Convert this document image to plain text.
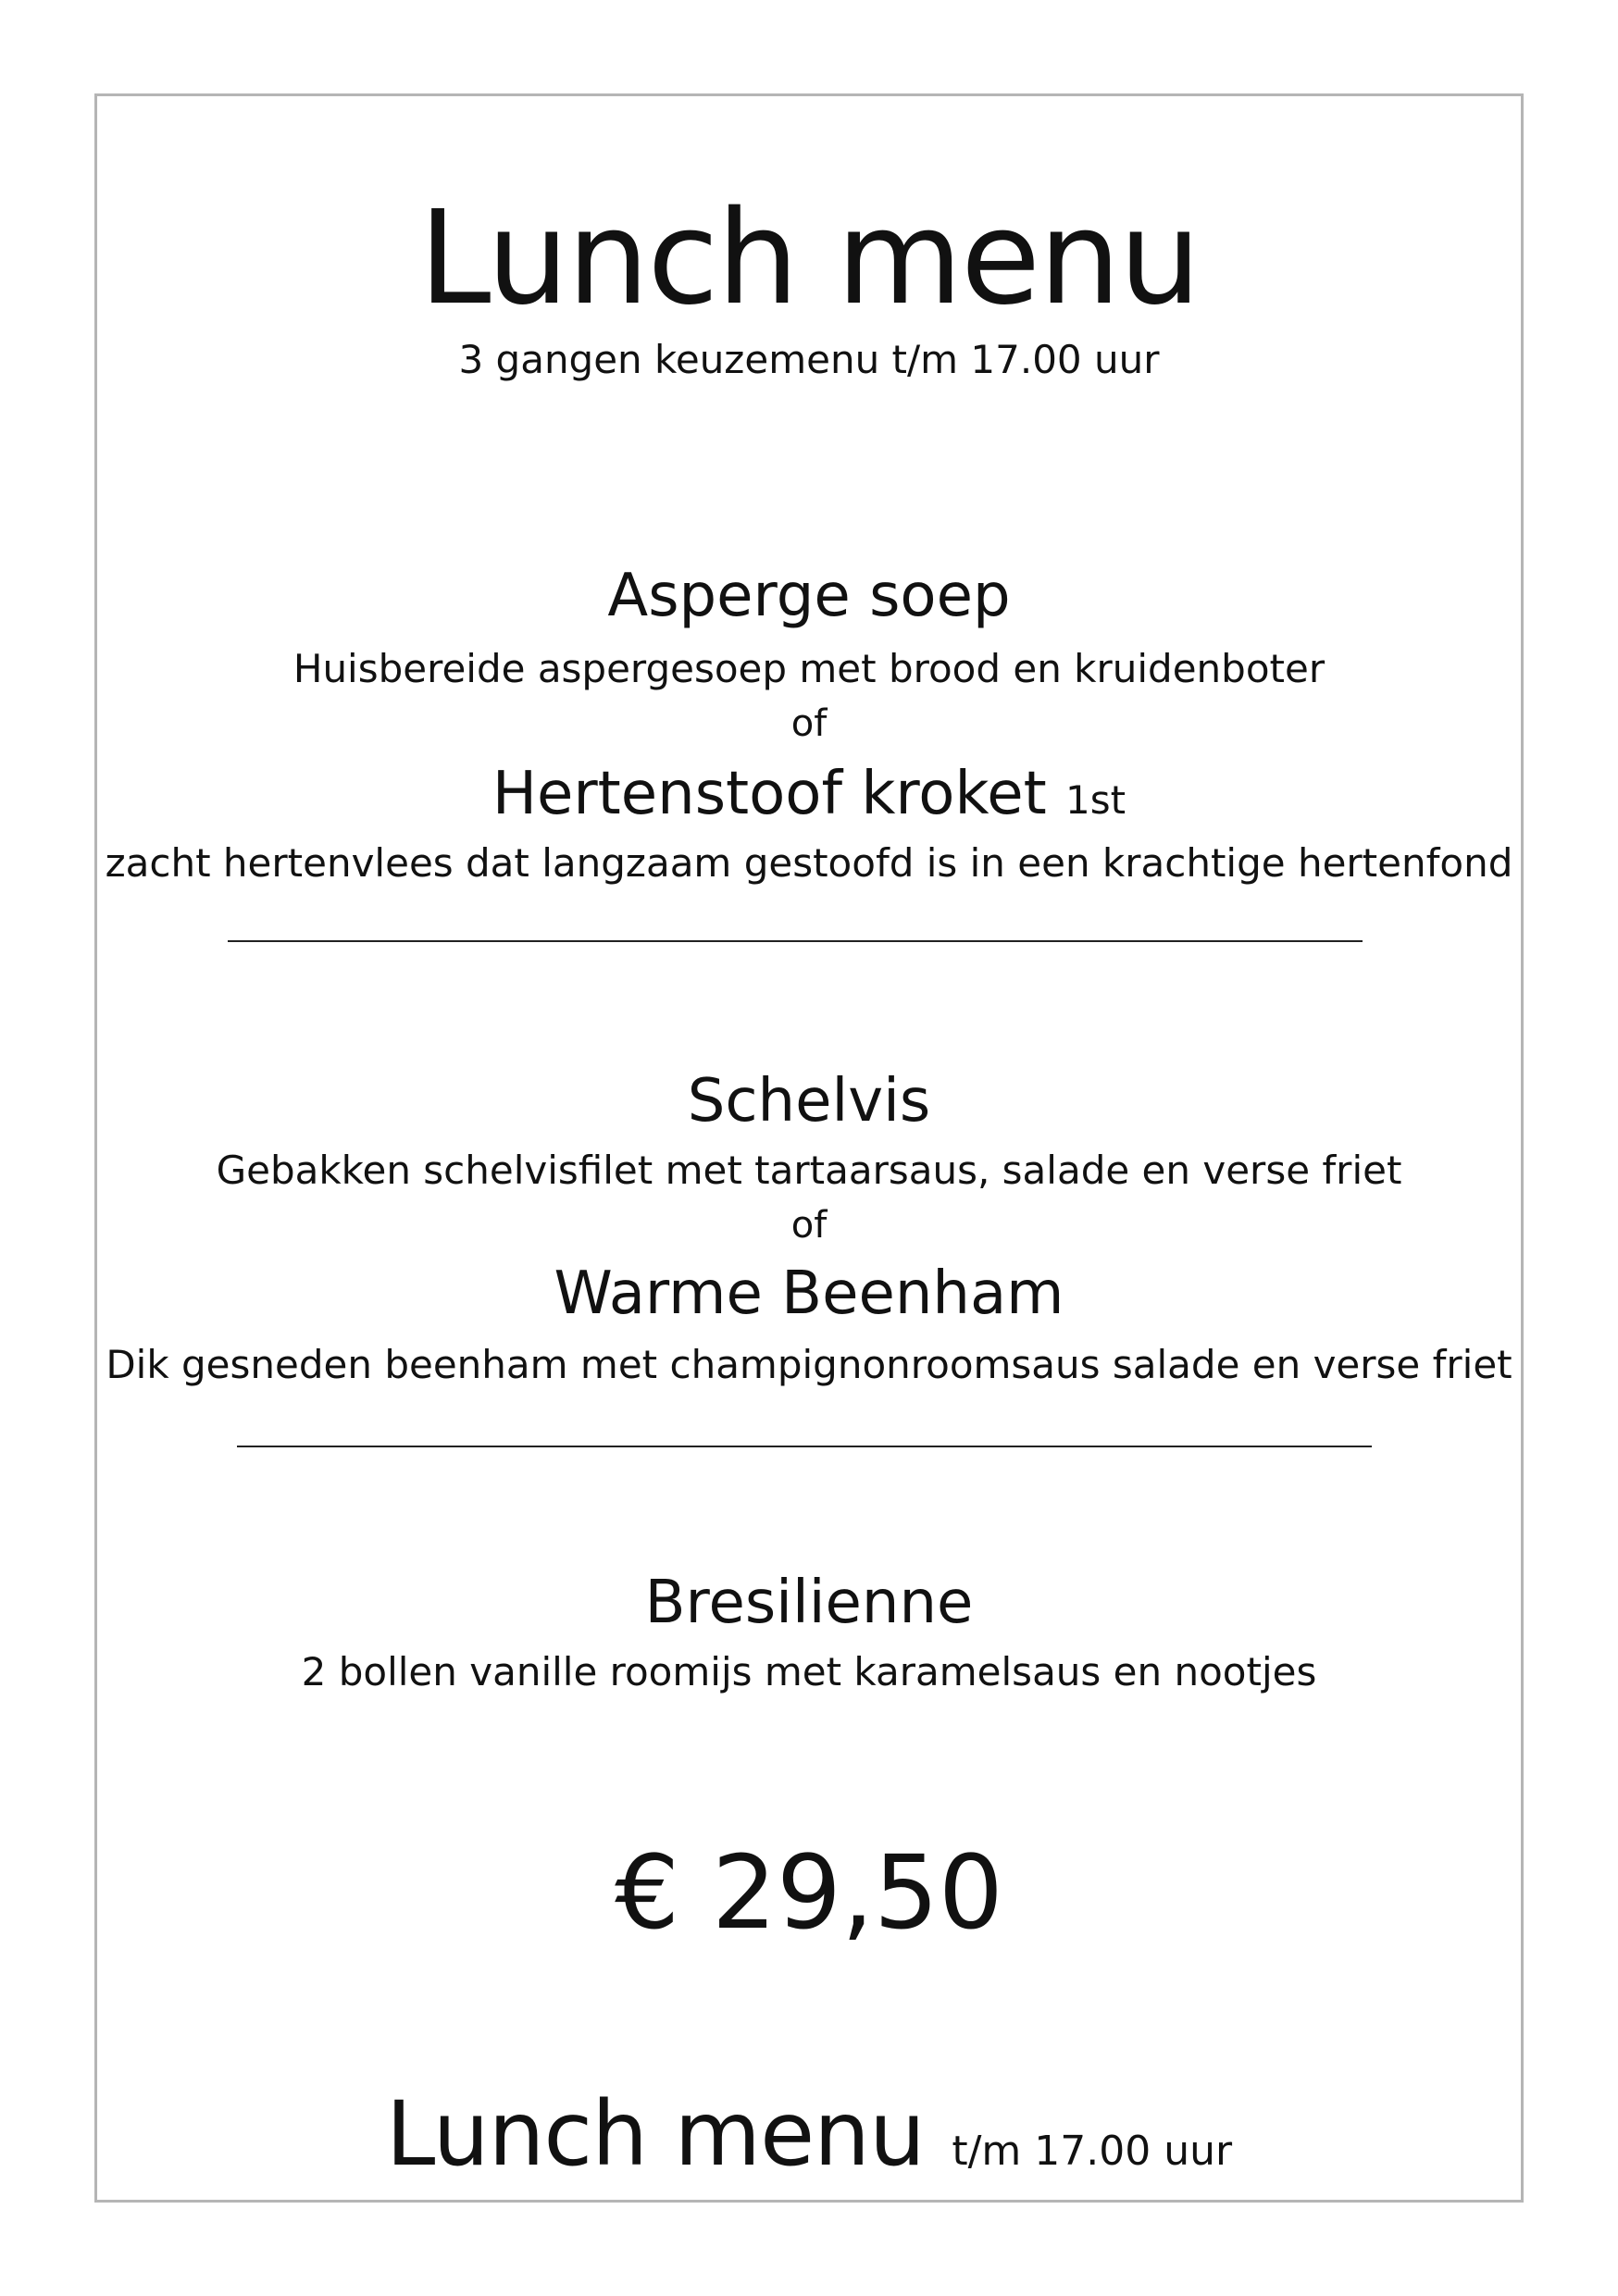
Lunch menu
3 gangen keuzemenu t/m 17.00 uur
Asperge soep
Huisbereide aspergesoep met brood en kruidenboter
of
Hertenstoof kroket 1st
zacht hertenvlees dat langzaam gestoofd is in een krachtige hertenfond
Schelvis
Gebakken schelvisfilet met tartaarsaus, salade en verse friet
of
Warme Beenham
Dik gesneden beenham met champignonroomsaus salade en verse friet
Bresilienne
2 bollen vanille roomijs met karamelsaus en nootjes
€ 29,50
Lunch menu t/m 17.00 uur
